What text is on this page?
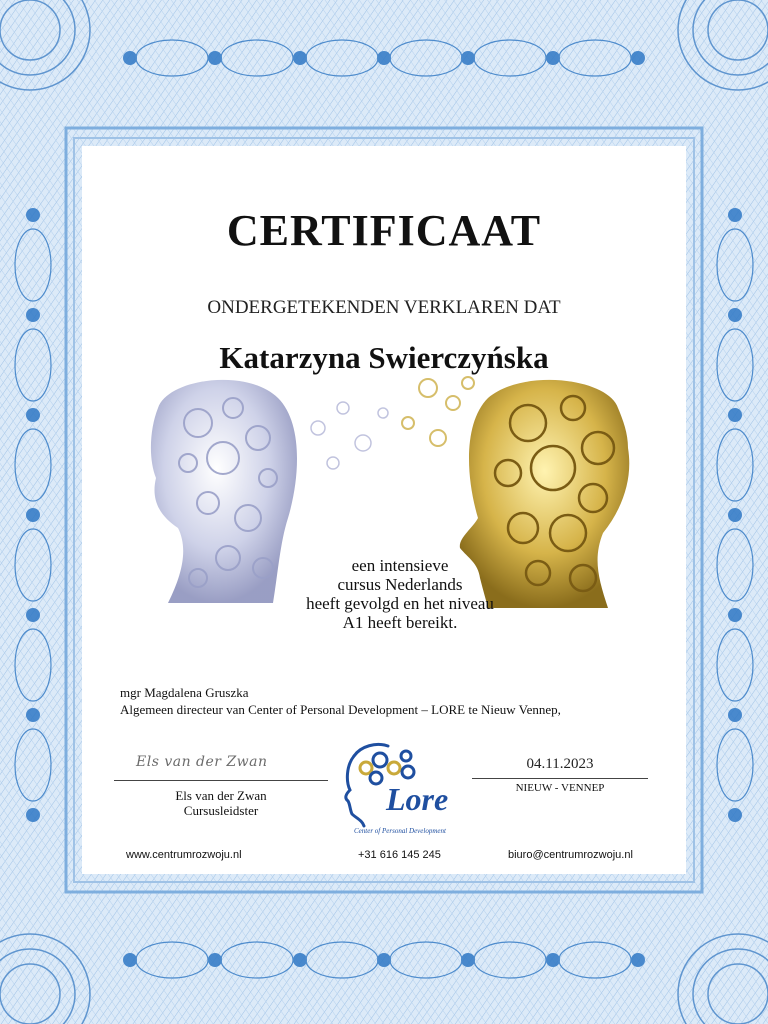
CERTIFICAAT
ONDERGETEKENDEN VERKLAREN DAT
Katarzyna Swierczyńska
een intensieve
cursus Nederlands
heeft gevolgd en het niveau
A1 heeft bereikt.
mgr Magdalena Gruszka
Algemeen directeur van Center of Personal Development – LORE te Nieuw Vennep,
Els van der Zwan
Els van der Zwan
Cursusleidster	Lore
Center of Personal Development
04.11.2023
NIEUW - VENNEP
www.centrumrozwoju.nl	+31 616 145 245	biuro@centrumrozwoju.nl
